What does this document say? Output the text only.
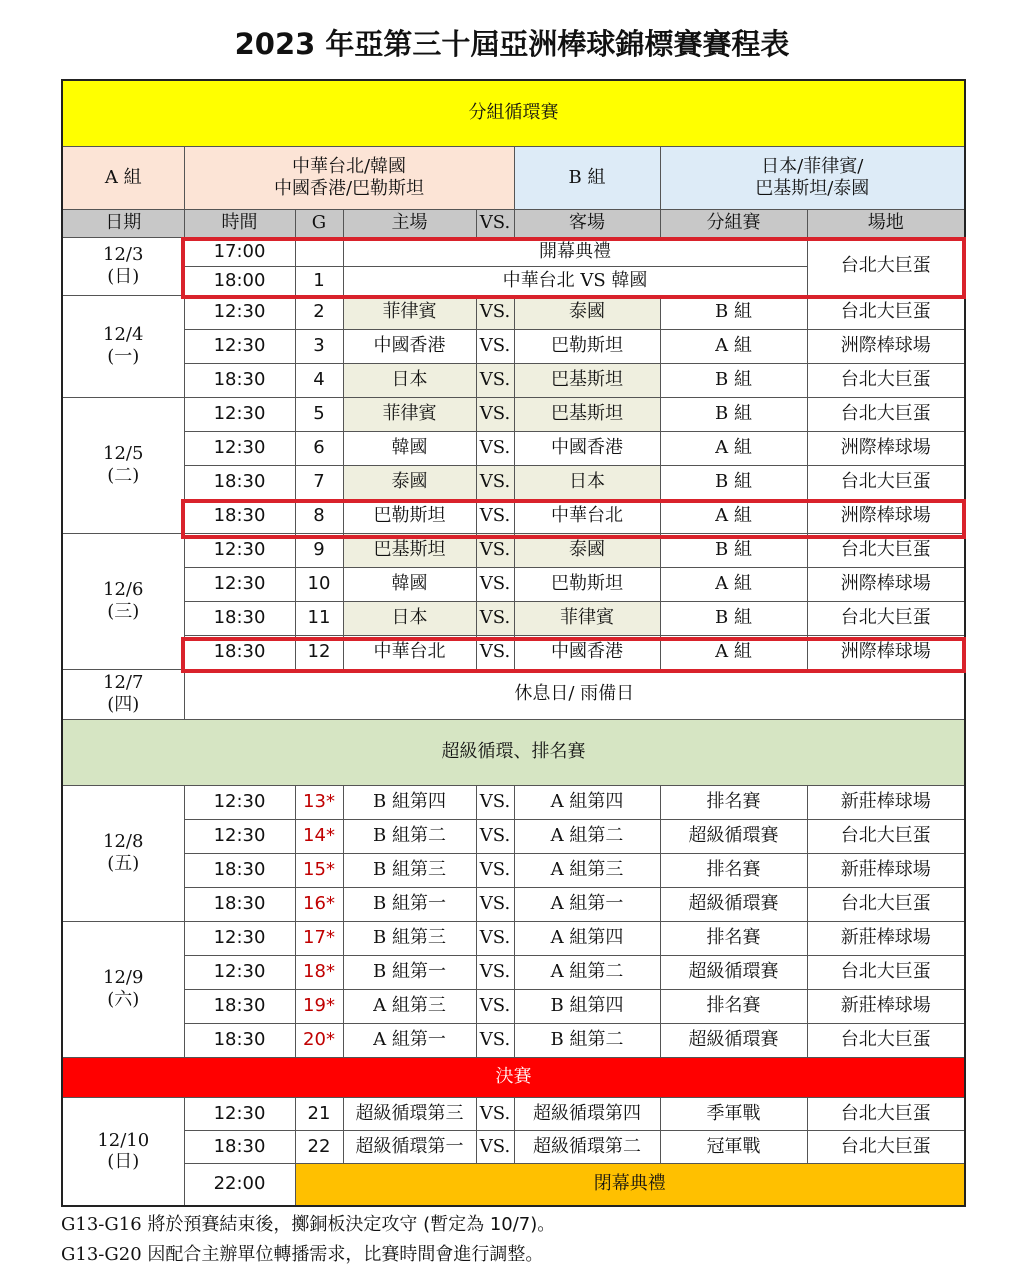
2023 年亞第三十屆亞洲棒球錦標賽賽程表
分組循環賽							
A 組	中華台北/韓國
中國香港/巴勒斯坦				B 組	日本/菲律賓/
巴基斯坦/泰國	
日期	時間	G	主場	VS.	客場	分組賽	場地
12/3
(日)	17:00		開幕典禮				台北大巨蛋
	18:00	1	中華台北 VS 韓國				
12/4
(一)	12:30	2	菲律賓	VS.	泰國	B 組	台北大巨蛋
	12:30	3	中國香港	VS.	巴勒斯坦	A 組	洲際棒球場
	18:30	4	日本	VS.	巴基斯坦	B 組	台北大巨蛋
12/5
(二)	12:30	5	菲律賓	VS.	巴基斯坦	B 組	台北大巨蛋
	12:30	6	韓國	VS.	中國香港	A 組	洲際棒球場
	18:30	7	泰國	VS.	日本	B 組	台北大巨蛋
	18:30	8	巴勒斯坦	VS.	中華台北	A 組	洲際棒球場
12/6
(三)	12:30	9	巴基斯坦	VS.	泰國	B 組	台北大巨蛋
	12:30	10	韓國	VS.	巴勒斯坦	A 組	洲際棒球場
	18:30	11	日本	VS.	菲律賓	B 組	台北大巨蛋
	18:30	12	中華台北	VS.	中國香港	A 組	洲際棒球場
12/7
(四)	休息日/ 雨備日						
超級循環、排名賽							
12/8
(五)	12:30	13*	B 組第四	VS.	A 組第四	排名賽	新莊棒球場
	12:30	14*	B 組第二	VS.	A 組第二	超級循環賽	台北大巨蛋
	18:30	15*	B 組第三	VS.	A 組第三	排名賽	新莊棒球場
	18:30	16*	B 組第一	VS.	A 組第一	超級循環賽	台北大巨蛋
12/9
(六)	12:30	17*	B 組第三	VS.	A 組第四	排名賽	新莊棒球場
	12:30	18*	B 組第一	VS.	A 組第二	超級循環賽	台北大巨蛋
	18:30	19*	A 組第三	VS.	B 組第四	排名賽	新莊棒球場
	18:30	20*	A 組第一	VS.	B 組第二	超級循環賽	台北大巨蛋
決賽							
12/10
(日)	12:30	21	超級循環第三	VS.	超級循環第四	季軍戰	台北大巨蛋
	18:30	22	超級循環第一	VS.	超級循環第二	冠軍戰	台北大巨蛋
	22:00	閉幕典禮					
G13-G16 將於預賽結束後，擲銅板決定攻守 (暫定為 10/7)。
G13-G20 因配合主辦單位轉播需求，比賽時間會進行調整。
